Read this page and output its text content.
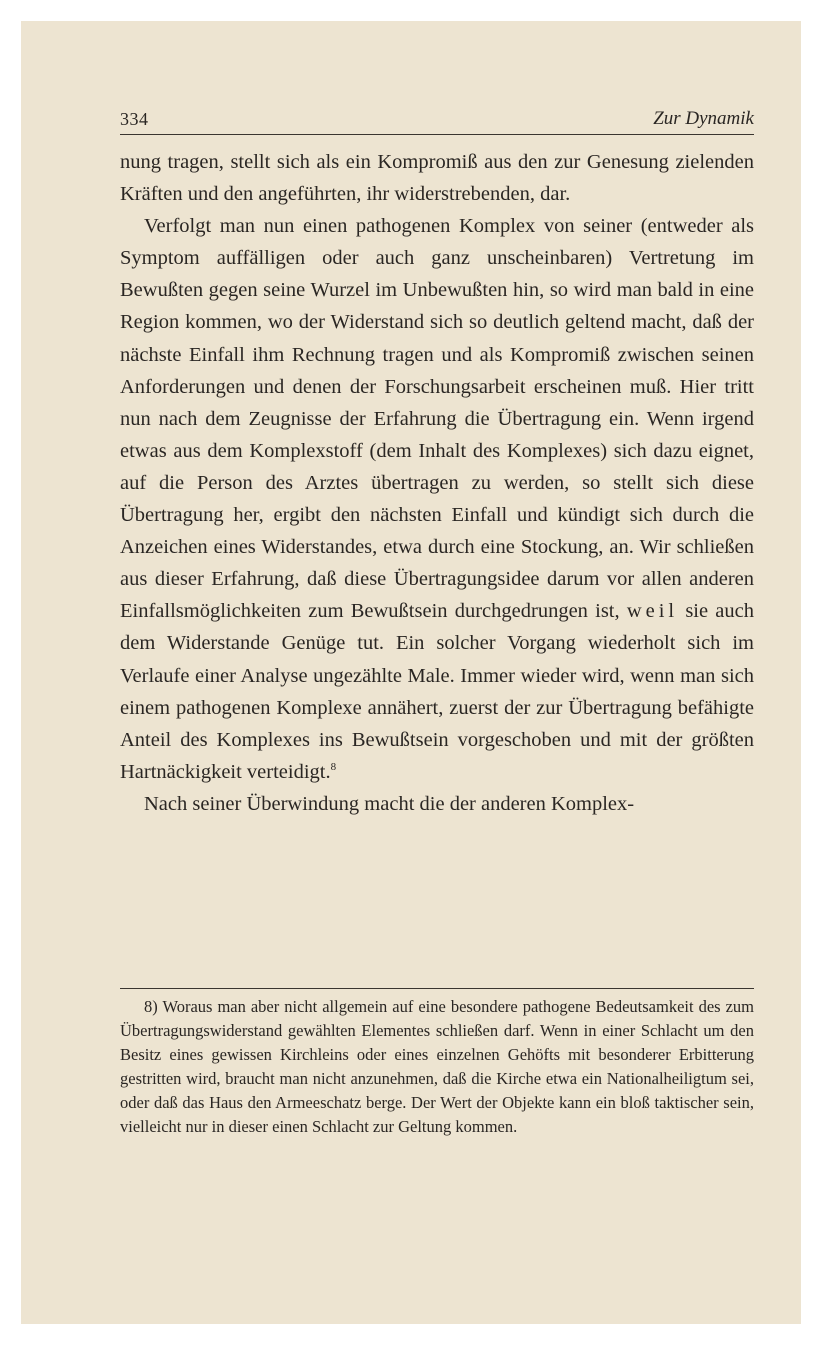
334	Zur Dynamik

nung tragen, stellt sich als ein Kompromiß aus den zur Genesung zielenden Kräften und den angeführten, ihr widerstrebenden, dar.

Verfolgt man nun einen pathogenen Komplex von seiner (entweder als Symptom auffälligen oder auch ganz unscheinbaren) Vertretung im Bewußten gegen seine Wurzel im Unbewußten hin, so wird man bald in eine Region kommen, wo der Widerstand sich so deutlich geltend macht, daß der nächste Einfall ihm Rechnung tragen und als Kompromiß zwischen seinen Anforderungen und denen der Forschungsarbeit erscheinen muß. Hier tritt nun nach dem Zeugnisse der Erfahrung die Übertragung ein. Wenn irgend etwas aus dem Komplexstoff (dem Inhalt des Komplexes) sich dazu eignet, auf die Person des Arztes übertragen zu werden, so stellt sich diese Übertragung her, ergibt den nächsten Einfall und kündigt sich durch die Anzeichen eines Widerstandes, etwa durch eine Stockung, an. Wir schließen aus dieser Erfahrung, daß diese Übertragungsidee darum vor allen anderen Einfallsmöglichkeiten zum Bewußtsein durchgedrungen ist, weil sie auch dem Widerstande Genüge tut. Ein solcher Vorgang wiederholt sich im Verlaufe einer Analyse ungezählte Male. Immer wieder wird, wenn man sich einem pathogenen Komplexe annähert, zuerst der zur Übertragung befähigte Anteil des Komplexes ins Bewußtsein vorgeschoben und mit der größten Hartnäckigkeit verteidigt.$^8$

Nach seiner Überwindung macht die der anderen Komplex-

8) Woraus man aber nicht allgemein auf eine besondere pathogene Bedeutsamkeit des zum Übertragungswiderstand gewählten Elementes schließen darf. Wenn in einer Schlacht um den Besitz eines gewissen Kirchleins oder eines einzelnen Gehöfts mit besonderer Erbitterung gestritten wird, braucht man nicht anzunehmen, daß die Kirche etwa ein Nationalheiligtum sei, oder daß das Haus den Armeeschatz berge. Der Wert der Objekte kann ein bloß taktischer sein, vielleicht nur in dieser einen Schlacht zur Geltung kommen.
